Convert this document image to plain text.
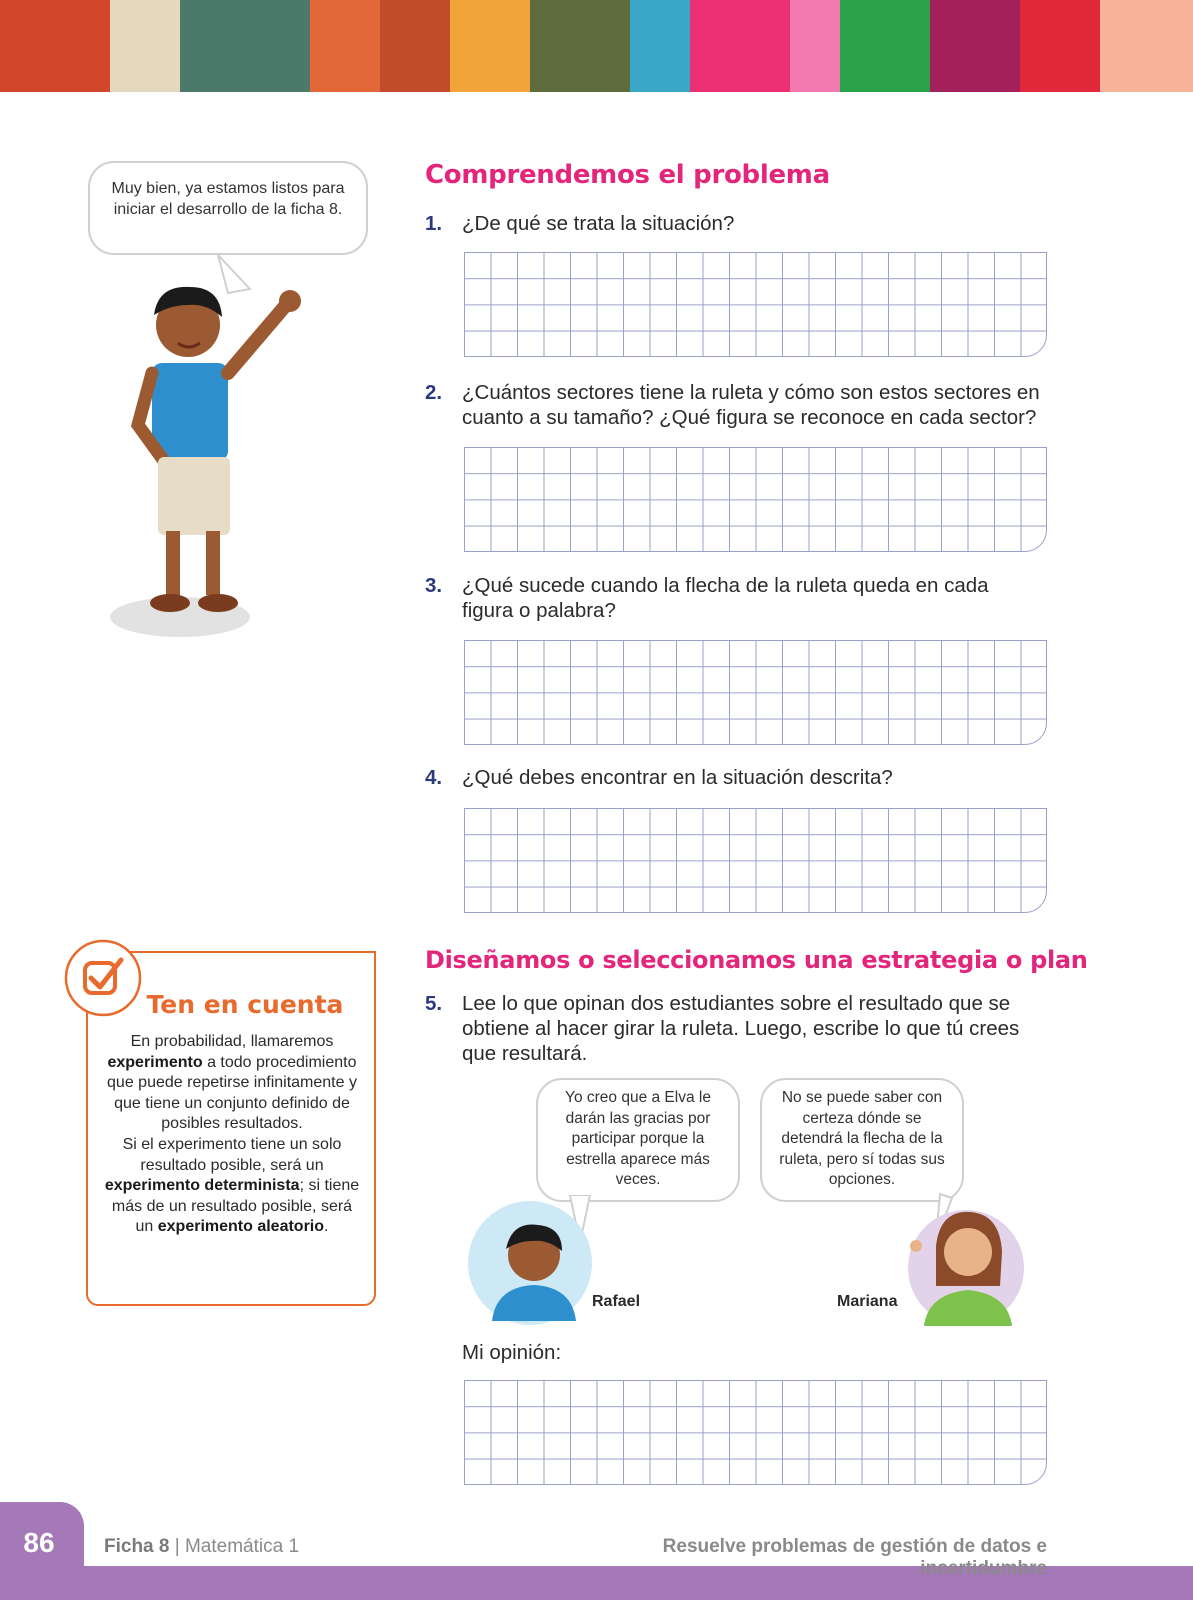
Muy bien, ya estamos listos para iniciar el desarrollo de la ficha 8.
Comprendemos el problema
1. ¿De qué se trata la situación?
2. ¿Cuántos sectores tiene la ruleta y cómo son estos sectores en cuanto a su tamaño? ¿Qué figura se reconoce en cada sector?
3. ¿Qué sucede cuando la flecha de la ruleta queda en cada figura o palabra?
4. ¿Qué debes encontrar en la situación descrita?
Ten en cuenta
En probabilidad, llamaremos experimento a todo procedimiento que puede repetirse infinitamente y que tiene un conjunto definido de posibles resultados.
Si el experimento tiene un solo resultado posible, será un experimento determinista; si tiene más de un resultado posible, será un experimento aleatorio.
Diseñamos o seleccionamos una estrategia o plan
5. Lee lo que opinan dos estudiantes sobre el resultado que se obtiene al hacer girar la ruleta. Luego, escribe lo que tú crees que resultará.
Yo creo que a Elva le darán las gracias por participar porque la estrella aparece más veces.
No se puede saber con certeza dónde se detendrá la flecha de la ruleta, pero sí todas sus opciones.
Rafael	Mariana
Mi opinión:
86	Ficha 8 | Matemática 1	Resuelve problemas de gestión de datos e incertidumbre
